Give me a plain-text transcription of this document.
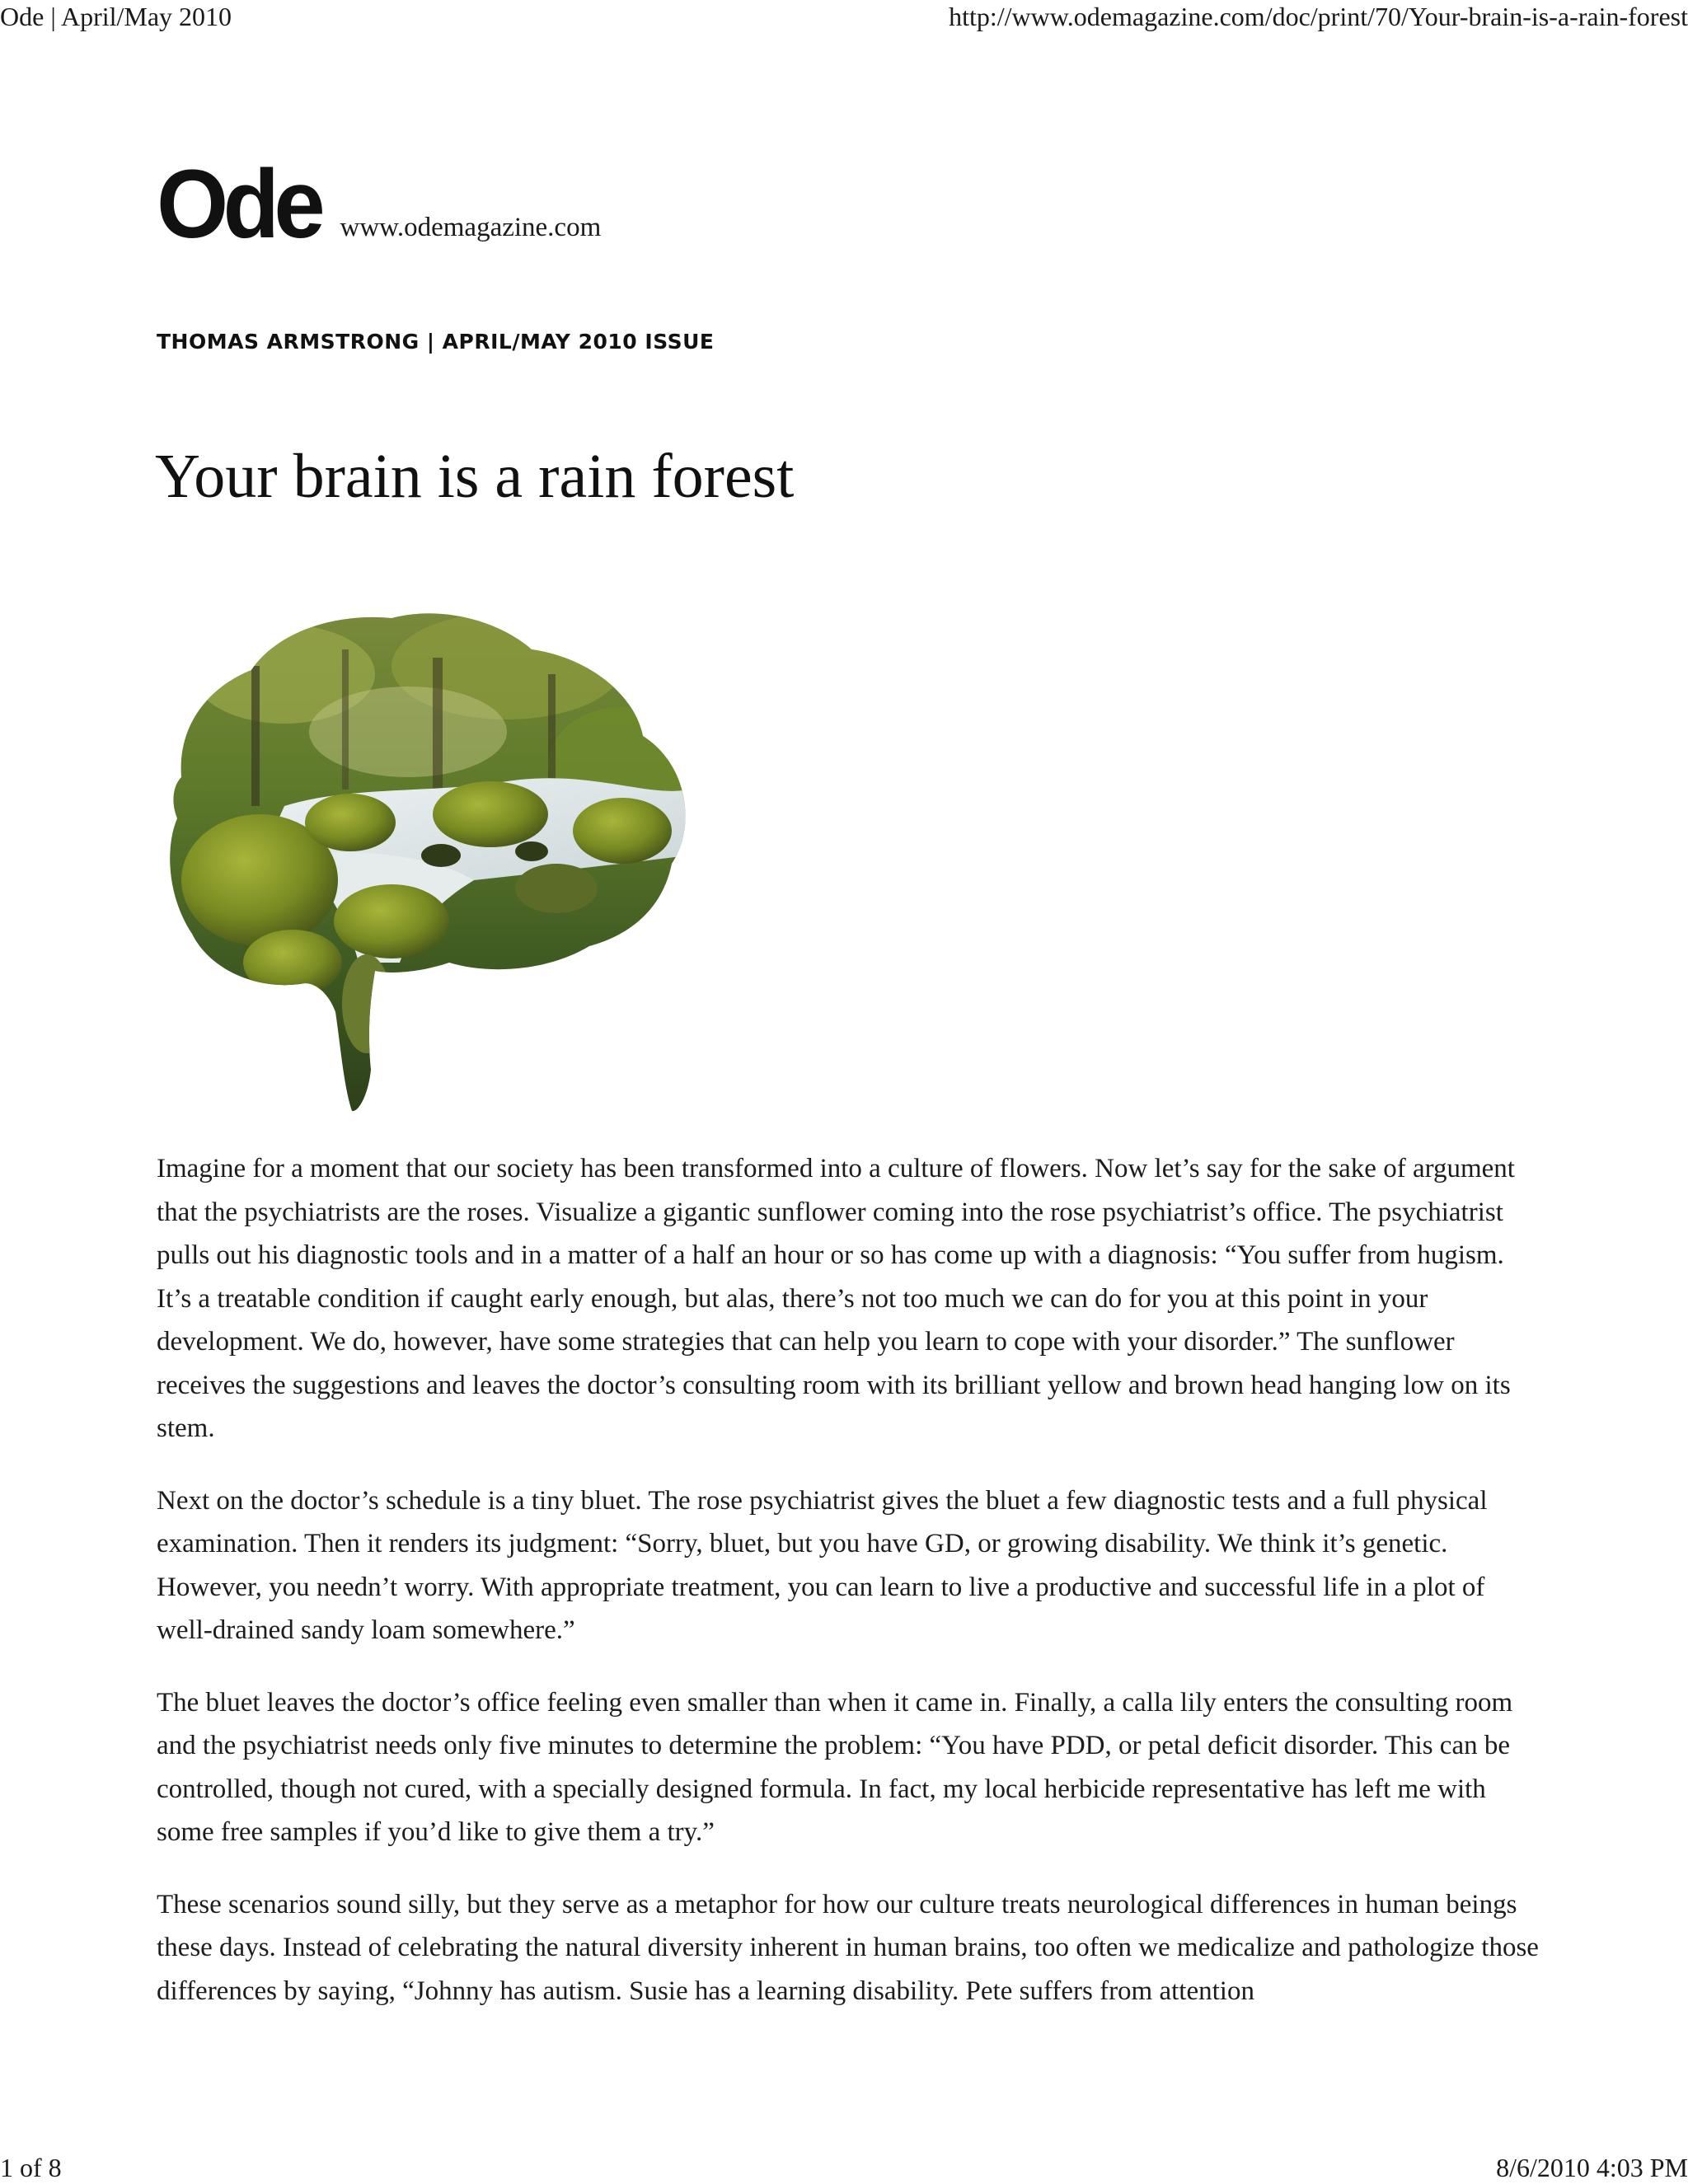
Ode | April/May 2010	http://www.odemagazine.com/doc/print/70/Your-brain-is-a-rain-forest
Ode www.odemagazine.com
THOMAS ARMSTRONG | APRIL/MAY 2010 ISSUE
Your brain is a rain forest

Imagine for a moment that our society has been transformed into a culture of flowers. Now let’s say for the sake of argument that the psychiatrists are the roses. Visualize a gigantic sunflower coming into the rose psychiatrist’s office. The psychiatrist pulls out his diagnostic tools and in a matter of a half an hour or so has come up with a diagnosis: “You suffer from hugism. It’s a treatable condition if caught early enough, but alas, there’s not too much we can do for you at this point in your development. We do, however, have some strategies that can help you learn to cope with your disorder.” The sunflower receives the suggestions and leaves the doctor’s consulting room with its brilliant yellow and brown head hanging low on its stem.

Next on the doctor’s schedule is a tiny bluet. The rose psychiatrist gives the bluet a few diagnostic tests and a full physical examination. Then it renders its judgment: “Sorry, bluet, but you have GD, or growing disability. We think it’s genetic. However, you needn’t worry. With appropriate treatment, you can learn to live a productive and successful life in a plot of well-drained sandy loam somewhere.”

The bluet leaves the doctor’s office feeling even smaller than when it came in. Finally, a calla lily enters the consulting room and the psychiatrist needs only five minutes to determine the problem: “You have PDD, or petal deficit disorder. This can be controlled, though not cured, with a specially designed formula. In fact, my local herbicide representative has left me with some free samples if you’d like to give them a try.”

These scenarios sound silly, but they serve as a metaphor for how our culture treats neurological differences in human beings these days. Instead of celebrating the natural diversity inherent in human brains, too often we medicalize and pathologize those differences by saying, “Johnny has autism. Susie has a learning disability. Pete suffers from attention

1 of 8	8/6/2010 4:03 PM
